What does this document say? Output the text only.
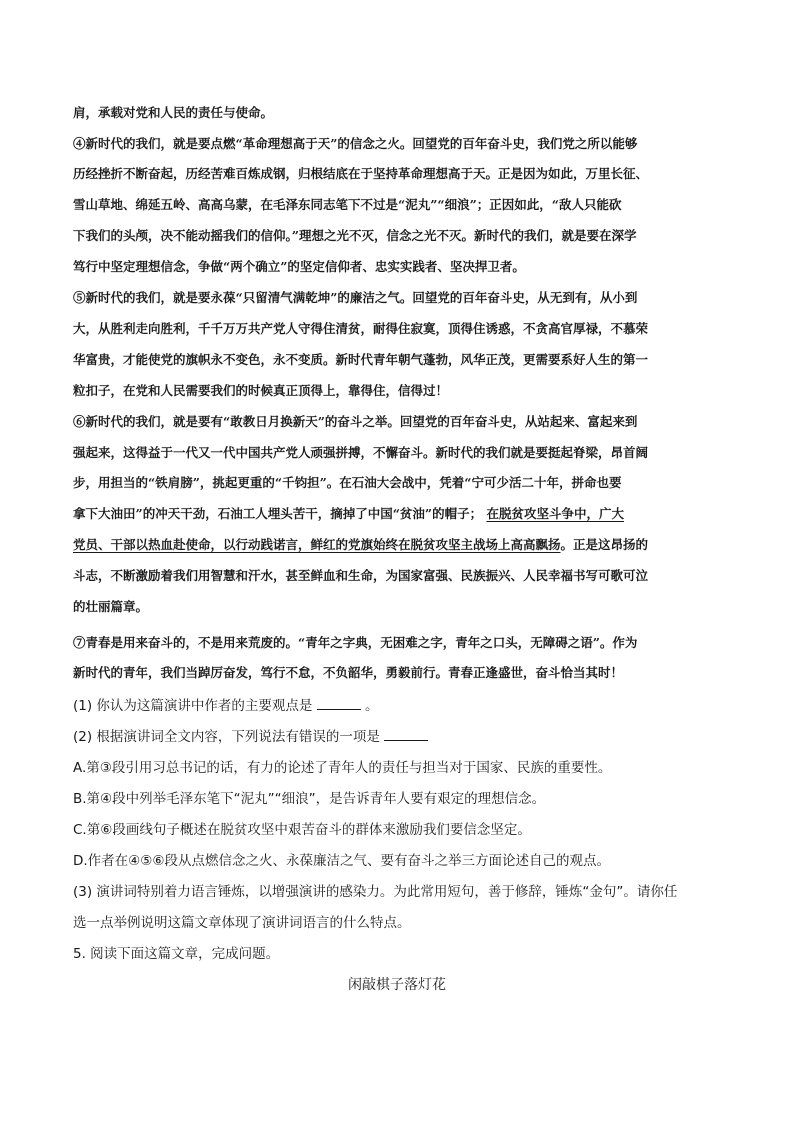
肩，承载对党和人民的责任与使命。
④新时代的我们，就是要点燃“革命理想高于天”的信念之火。回望党的百年奋斗史，我们党之所以能够
历经挫折不断奋起，历经苦难百炼成钢，归根结底在于坚持革命理想高于天。正是因为如此，万里长征、
雪山草地、绵延五岭、高高乌蒙，在毛泽东同志笔下不过是“泥丸”“细浪”；正因如此，“敌人只能砍
下我们的头颅，决不能动摇我们的信仰。”理想之光不灭，信念之光不灭。新时代的我们，就是要在深学
笃行中坚定理想信念，争做“两个确立”的坚定信仰者、忠实实践者、坚决捍卫者。
⑤新时代的我们，就是要永葆“只留清气满乾坤”的廉洁之气。回望党的百年奋斗史，从无到有，从小到
大，从胜利走向胜利，千千万万共产党人守得住清贫，耐得住寂寞，顶得住诱惑，不贪高官厚禄，不慕荣
华富贵，才能使党的旗帜永不变色，永不变质。新时代青年朝气蓬勃，风华正茂，更需要系好人生的第一
粒扣子，在党和人民需要我们的时候真正顶得上，靠得住，信得过！
⑥新时代的我们，就是要有“敢教日月换新天”的奋斗之举。回望党的百年奋斗史，从站起来、富起来到
强起来，这得益于一代又一代中国共产党人顽强拼搏，不懈奋斗。新时代的我们就是要挺起脊梁，昂首阔
步，用担当的“铁肩膀”，挑起更重的“千钧担”。在石油大会战中，凭着“宁可少活二十年，拼命也要
拿下大油田”的冲天干劲，石油工人埋头苦干，摘掉了中国“贫油”的帽子； 在脱贫攻坚斗争中，广大
党员、干部以热血赴使命，以行动践诺言，鲜红的党旗始终在脱贫攻坚主战场上高高飘扬。正是这昂扬的
斗志，不断激励着我们用智慧和汗水，甚至鲜血和生命，为国家富强、民族振兴、人民幸福书写可歌可泣
的壮丽篇章。
⑦青春是用来奋斗的，不是用来荒废的。“青年之字典，无困难之字，青年之口头，无障碍之语”。作为
新时代的青年，我们当踔厉奋发，笃行不怠，不负韶华，勇毅前行。青春正逢盛世，奋斗恰当其时！
(1) 你认为这篇演讲中作者的主要观点是	。
(2) 根据演讲词全文内容，下列说法有错误的一项是
A.第③段引用习总书记的话，有力的论述了青年人的责任与担当对于国家、民族的重要性。
B.第④段中列举毛泽东笔下“泥丸”“细浪”，是告诉青年人要有艰定的理想信念。
C.第⑥段画线句子概述在脱贫攻坚中艰苦奋斗的群体来激励我们要信念坚定。
D.作者在④⑤⑥段从点燃信念之火、永葆廉洁之气、要有奋斗之举三方面论述自己的观点。
(3) 演讲词特别着力语言锤炼，以增强演讲的感染力。为此常用短句，善于修辞，锤炼“金句”。请你任
选一点举例说明这篇文章体现了演讲词语言的什么特点。
5. 阅读下面这篇文章，完成问题。
闲敲棋子落灯花
